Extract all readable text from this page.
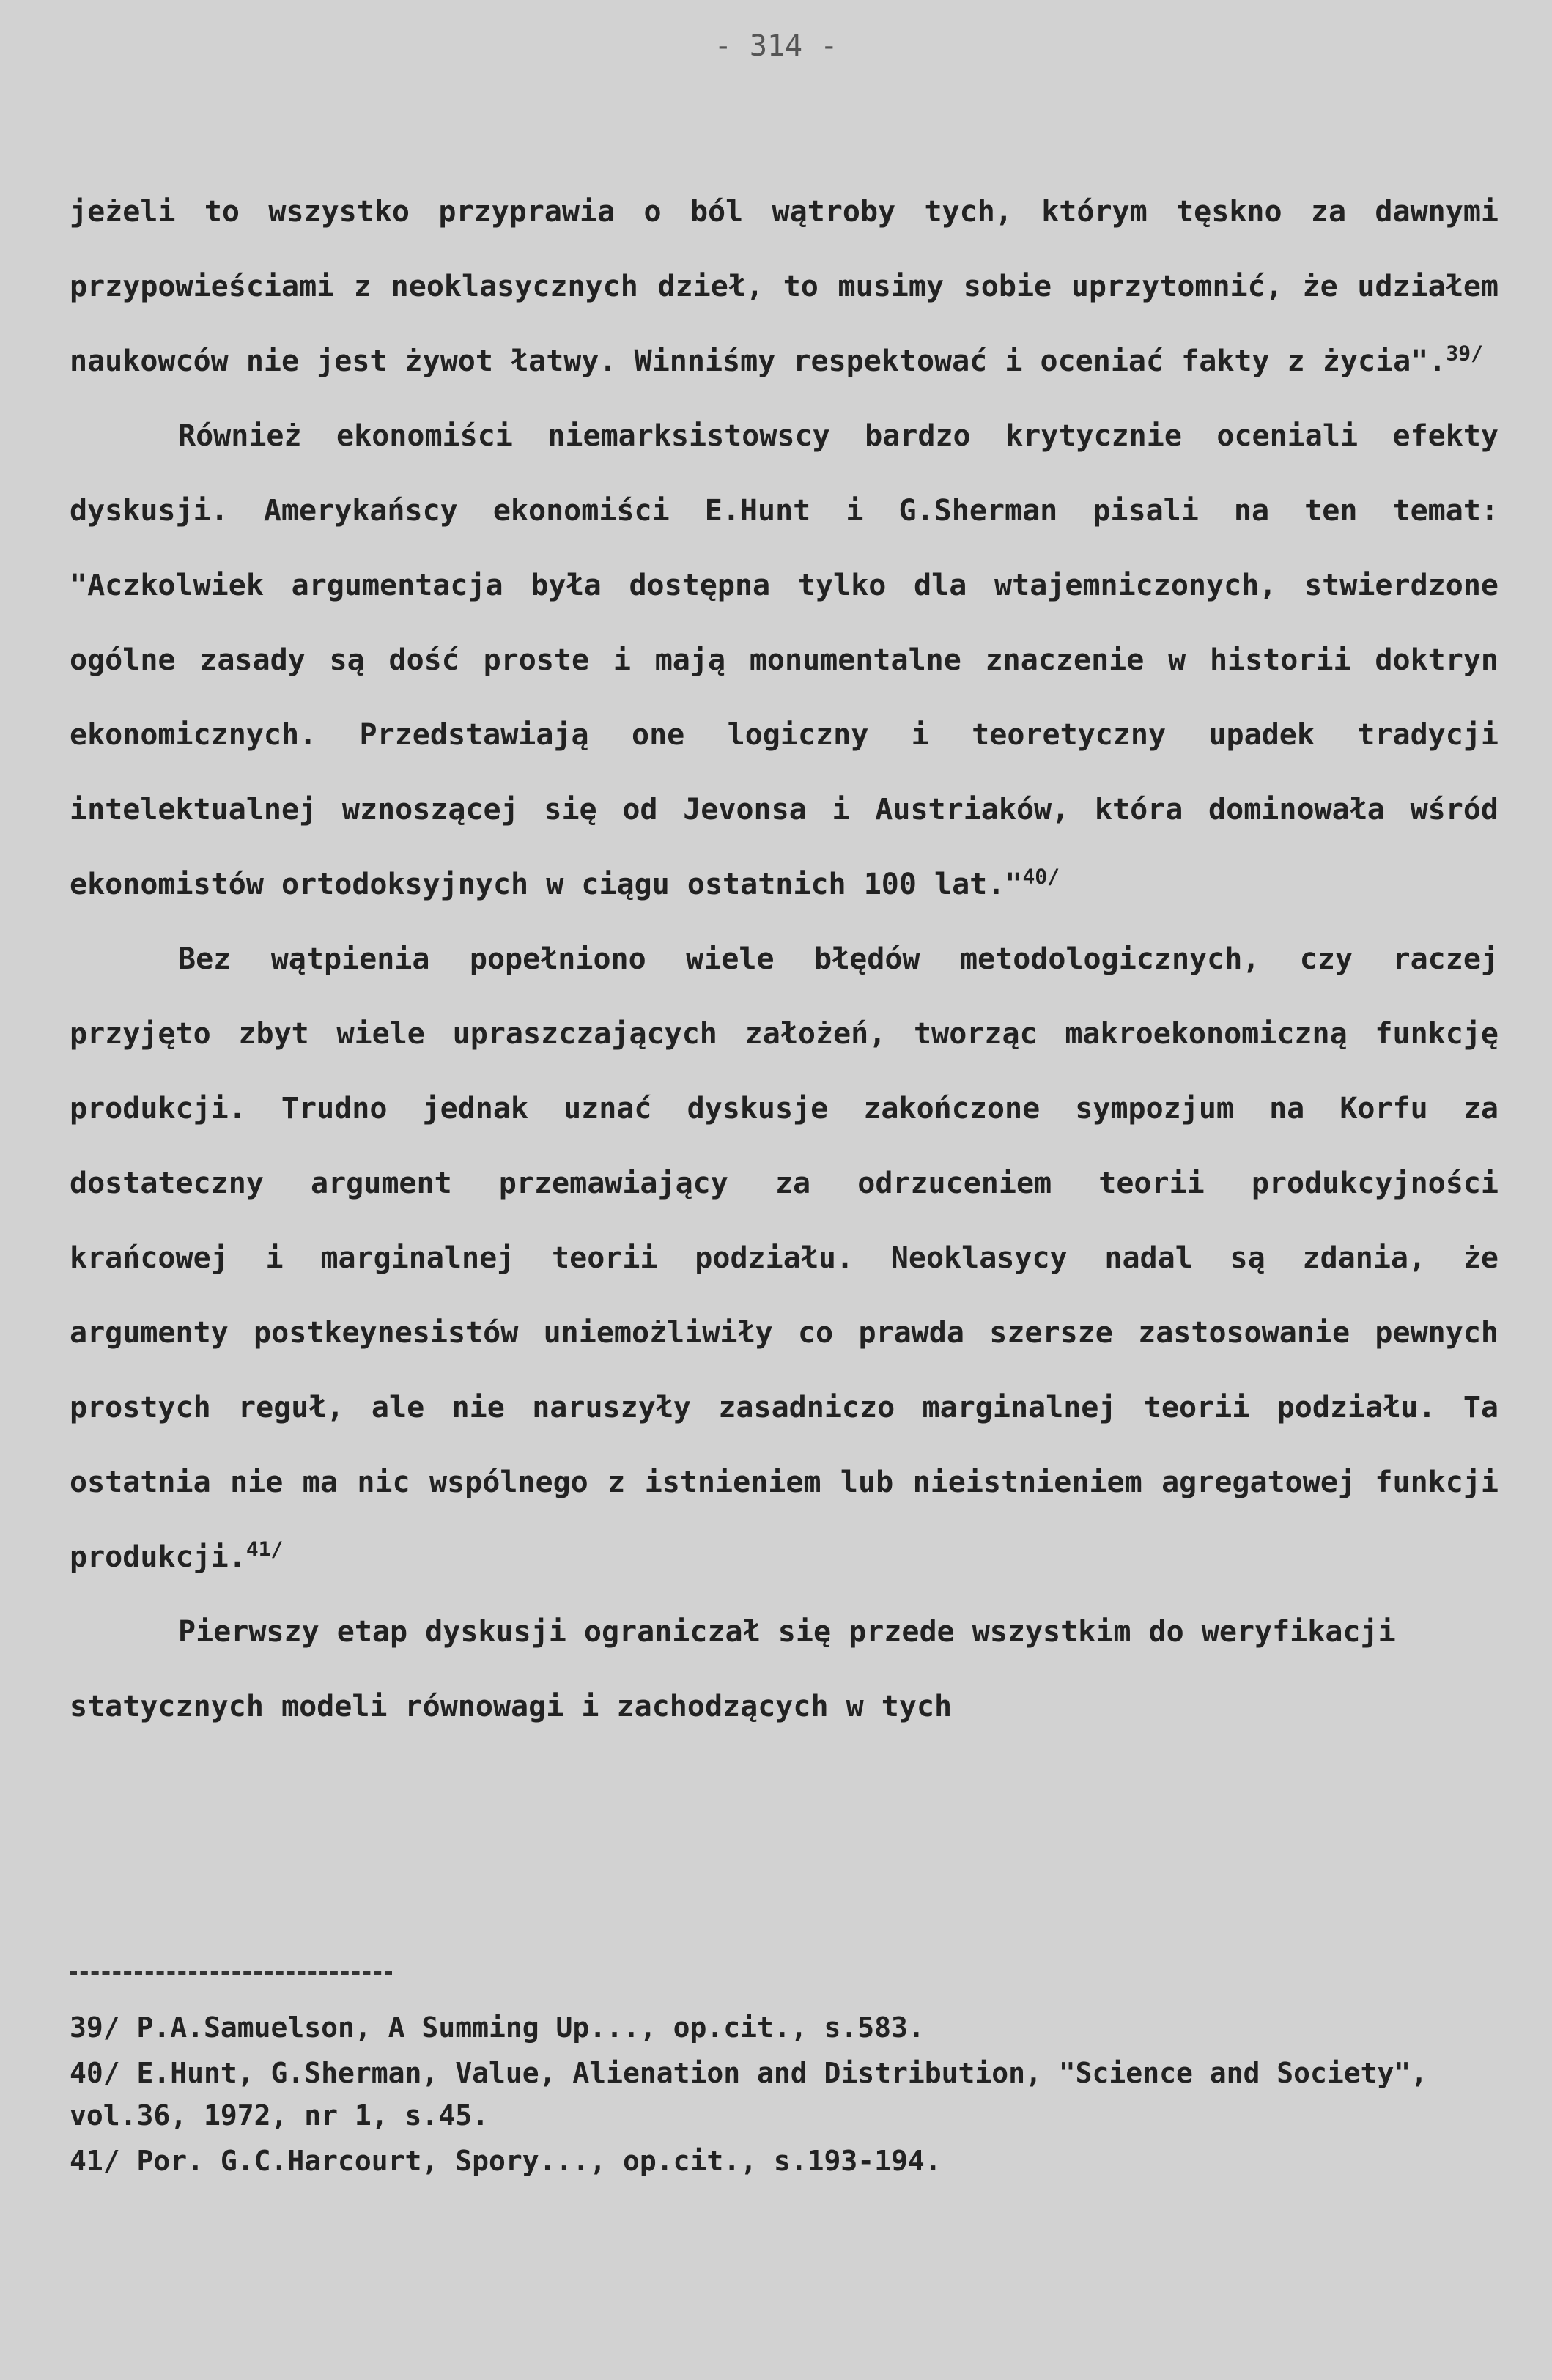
- 314 -

jeżeli to wszystko przyprawia o ból wątroby tych, którym tęskno za dawnymi przypowieściami z neoklasycznych dzieł, to musimy sobie uprzytomnić, że udziałem naukowców nie jest żywot łatwy. Winniśmy respektować i oceniać fakty z życia".$^{39/}$

Również ekonomiści niemarksistowscy bardzo krytycznie oceniali efekty dyskusji. Amerykańscy ekonomiści E.Hunt i G.Sherman pisali na ten temat: "Aczkolwiek argumentacja była dostępna tylko dla wtajemniczonych, stwierdzone ogólne zasady są dość proste i mają monumentalne znaczenie w historii doktryn ekonomicznych. Przedstawiają one logiczny i teoretyczny upadek tradycji intelektualnej wznoszącej się od Jevonsa i Austriaków, która dominowała wśród ekonomistów ortodoksyjnych w ciągu ostatnich 100 lat."$^{40/}$

Bez wątpienia popełniono wiele błędów metodologicznych, czy raczej przyjęto zbyt wiele upraszczających założeń, tworząc makroekonomiczną funkcję produkcji. Trudno jednak uznać dyskusje zakończone sympozjum na Korfu za dostateczny argument przemawiający za odrzuceniem teorii produkcyjności krańcowej i marginalnej teorii podziału. Neoklasycy nadal są zdania, że argumenty postkeynesistów uniemożliwiły co prawda szersze zastosowanie pewnych prostych reguł, ale nie naruszyły zasadniczo marginalnej teorii podziału. Ta ostatnia nie ma nic wspólnego z istnieniem lub nieistnieniem agregatowej funkcji produkcji.$^{41/}$

Pierwszy etap dyskusji ograniczał się przede wszystkim do weryfikacji statycznych modeli równowagi i zachodzących w tych

39/ P.A.Samuelson, A Summing Up..., op.cit., s.583.

40/ E.Hunt, G.Sherman, Value, Alienation and Distribution, "Science and Society", vol.36, 1972, nr 1, s.45.

41/ Por. G.C.Harcourt, Spory..., op.cit., s.193-194.
